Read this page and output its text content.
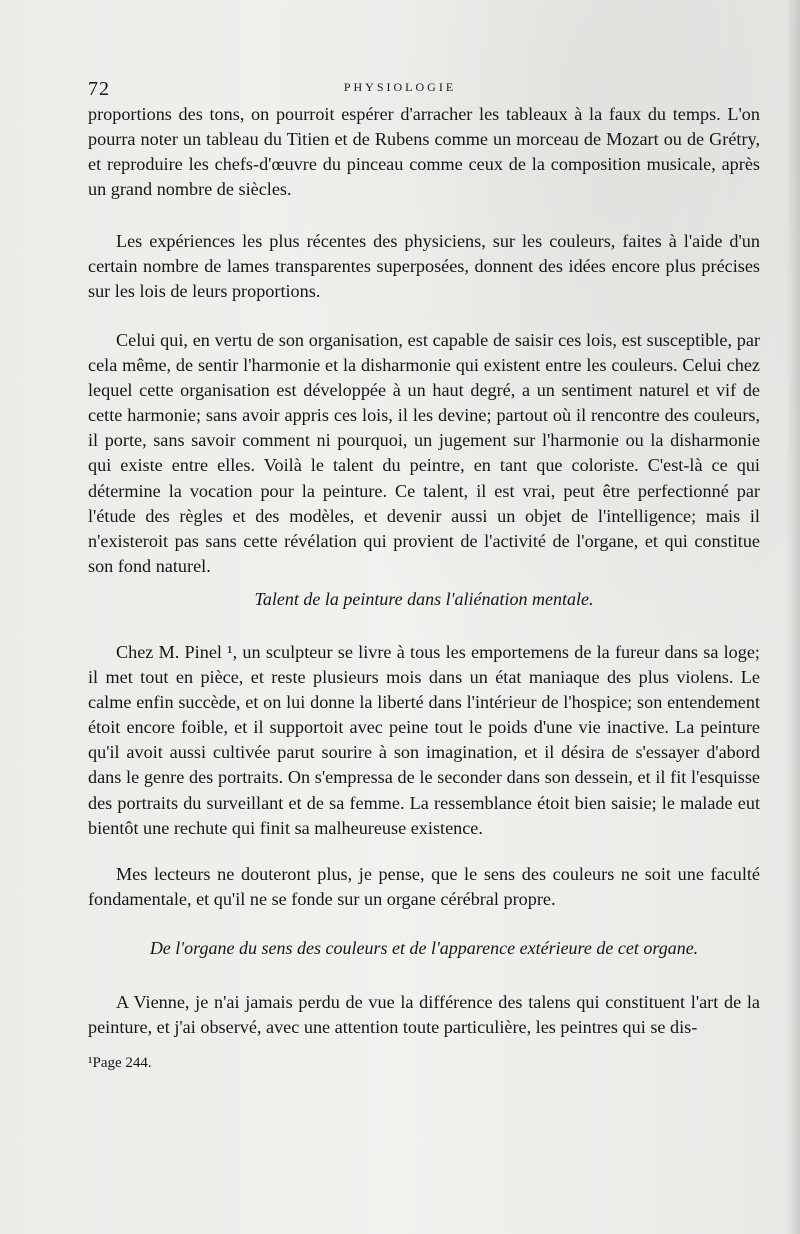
72	PHYSIOLOGIE

proportions des tons, on pourroit espérer d'arracher les tableaux à la faux du temps. L'on pourra noter un tableau du Titien et de Rubens comme un morceau de Mozart ou de Grétry, et reproduire les chefs-d'œuvre du pinceau comme ceux de la composition musicale, après un grand nombre de siècles.

Les expériences les plus récentes des physiciens, sur les couleurs, faites à l'aide d'un certain nombre de lames transparentes superposées, donnent des idées encore plus précises sur les lois de leurs proportions.

Celui qui, en vertu de son organisation, est capable de saisir ces lois, est susceptible, par cela même, de sentir l'harmonie et la disharmonie qui existent entre les couleurs. Celui chez lequel cette organisation est développée à un haut degré, a un sentiment naturel et vif de cette harmonie; sans avoir appris ces lois, il les devine; partout où il rencontre des couleurs, il porte, sans savoir comment ni pourquoi, un jugement sur l'harmonie ou la disharmonie qui existe entre elles. Voilà le talent du peintre, en tant que coloriste. C'est-là ce qui détermine la vocation pour la peinture. Ce talent, il est vrai, peut être perfectionné par l'étude des règles et des modèles, et devenir aussi un objet de l'intelligence; mais il n'existeroit pas sans cette révélation qui provient de l'activité de l'organe, et qui constitue son fond naturel.

Talent de la peinture dans l'aliénation mentale.

Chez M. Pinel ¹, un sculpteur se livre à tous les emportemens de la fureur dans sa loge; il met tout en pièce, et reste plusieurs mois dans un état maniaque des plus violens. Le calme enfin succède, et on lui donne la liberté dans l'intérieur de l'hospice; son entendement étoit encore foible, et il supportoit avec peine tout le poids d'une vie inactive. La peinture qu'il avoit aussi cultivée parut sourire à son imagination, et il désira de s'essayer d'abord dans le genre des portraits. On s'empressa de le seconder dans son dessein, et il fit l'esquisse des portraits du surveillant et de sa femme. La ressemblance étoit bien saisie; le malade eut bientôt une rechute qui finit sa malheureuse existence.

Mes lecteurs ne douteront plus, je pense, que le sens des couleurs ne soit une faculté fondamentale, et qu'il ne se fonde sur un organe cérébral propre.

De l'organe du sens des couleurs et de l'apparence extérieure de cet organe.

A Vienne, je n'ai jamais perdu de vue la différence des talens qui constituent l'art de la peinture, et j'ai observé, avec une attention toute particulière, les peintres qui se dis-

¹Page 244.
